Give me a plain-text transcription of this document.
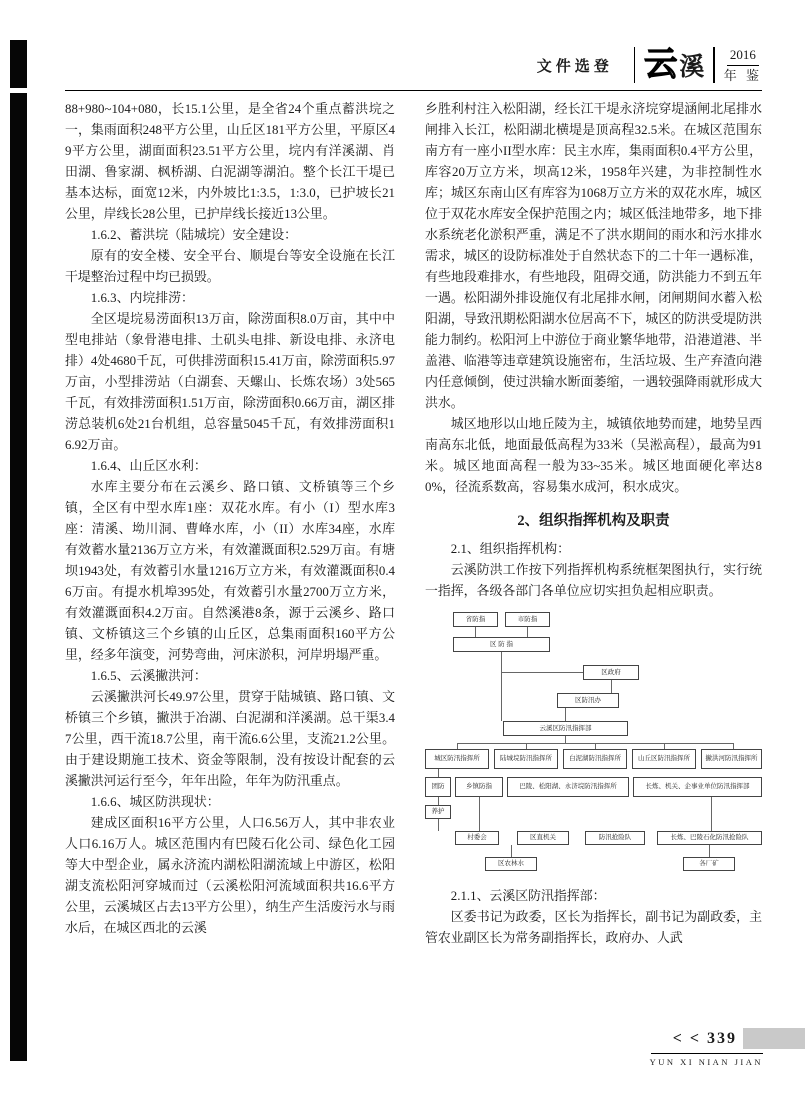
文件选登 云 溪 2016
年 鉴

88+980~104+080，长15.1公里，是全省24个重点蓄洪垸之一，集雨面积248平方公里，山丘区181平方公里，平原区49平方公里，湖面面积23.51平方公里，垸内有洋溪湖、肖田湖、鲁家湖、枫桥湖、白泥湖等湖泊。整个长江干堤已基本达标，面宽12米，内外坡比1:3.5，1:3.0，已护坡长21公里，岸线长28公里，已护岸线长接近13公里。

1.6.2、蓄洪垸（陆城垸）安全建设：

原有的安全楼、安全平台、顺堤台等安全设施在长江干堤整治过程中均已损毁。

1.6.3、内垸排涝：

全区堤垸易涝面积13万亩，除涝面积8.0万亩，其中中型电排站（象骨港电排、土矶头电排、新设电排、永济电排）4处4680千瓦，可供排涝面积15.41万亩，除涝面积5.97万亩，小型排涝站（白湖套、天螺山、长炼农场）3处565千瓦，有效排涝面积1.51万亩，除涝面积0.66万亩，湖区排涝总装机6处21台机组，总容量5045千瓦，有效排涝面积16.92万亩。

1.6.4、山丘区水利：

水库主要分布在云溪乡、路口镇、文桥镇等三个乡镇，全区有中型水库1座：双花水库。有小（I）型水库3座：清溪、坳川洞、曹峰水库，小（II）水库34座，水库有效蓄水量2136万立方米，有效灌溉面积2.529万亩。有塘坝1943处，有效蓄引水量1216万立方米，有效灌溉面积0.46万亩。有提水机埠395处，有效蓄引水量2700万立方米，有效灌溉面积4.2万亩。自然溪港8条，源于云溪乡、路口镇、文桥镇这三个乡镇的山丘区，总集雨面积160平方公里，经多年演变，河势弯曲，河床淤积，河岸坍塌严重。

1.6.5、云溪撇洪河：

云溪撇洪河长49.97公里，贯穿于陆城镇、路口镇、文桥镇三个乡镇，撇洪于冶湖、白泥湖和洋溪湖。总干渠3.47公里，西干流18.7公里，南干流6.6公里，支流21.2公里。由于建设期施工技术、资金等限制，没有按设计配套的云溪撇洪河运行至今，年年出险，年年为防汛重点。

1.6.6、城区防洪现状：

建成区面积16平方公里，人口6.56万人，其中非农业人口6.16万人。城区范围内有巴陵石化公司、绿色化工园等大中型企业，属永济流内湖松阳湖流域上中游区，松阳湖支流松阳河穿城而过（云溪松阳河流域面积共16.6平方公里，云溪城区占去13平方公里），纳生产生活废污水与雨水后，在城区西北的云溪

乡胜利村注入松阳湖，经长江干堤永济垸穿堤涵闸北尾排水闸排入长江，松阳湖北横堤是顶高程32.5米。在城区范围东南方有一座小II型水库：民主水库，集雨面积0.4平方公里，库容20万立方米，坝高12米，1958年兴建，为非控制性水库；城区东南山区有库容为1068万立方米的双花水库，城区位于双花水库安全保护范围之内；城区低洼地带多，地下排水系统老化淤积严重，满足不了洪水期间的雨水和污水排水需求，城区的设防标准处于自然状态下的二十年一遇标准，有些地段难排水，有些地段，阻碍交通，防洪能力不到五年一遇。松阳湖外排设施仅有北尾排水闸，闭闸期间水蓄入松阳湖，导致汛期松阳湖水位居高不下，城区的防洪受堤防洪能力制约。松阳河上中游位于商业繁华地带，沿港道港、半盖港、临港等违章建筑设施密布，生活垃圾、生产弃渣向港内任意倾倒，使过洪输水断面萎缩，一遇较强降雨就形成大洪水。

城区地形以山地丘陵为主，城镇依地势而建，地势呈西南高东北低，地面最低高程为33米（吴淞高程），最高为91米。城区地面高程一般为33~35米。城区地面硬化率达80%，径流系数高，容易集水成河，积水成灾。

2、组织指挥机构及职责

2.1、组织指挥机构：

云溪防洪工作按下列指挥机构系统框架图执行，实行统一指挥，各级各部门各单位应切实担负起相应职责。

省防指	市防指
区 防 指
区政府
区防汛办
云溪区防汛指挥部
城区防汛指挥所	陆城垸防汛指挥所	白泥湖防汛指挥所	山丘区防汛指挥所	撇洪河防汛指挥所
团防	乡镇防指	巴陵、松阳湖、永济垸防汛指挥所	长炼、机关、企事业单位防汛指挥部
养护
村委会	区直机关	防汛抢险队	长炼、巴陵石化防汛抢险队
区农林水	各厂矿

2.1.1、云溪区防汛指挥部：

区委书记为政委，区长为指挥长，副书记为副政委，主管农业副区长为常务副指挥长，政府办、人武

< < 339
YUN XI NIAN JIAN
